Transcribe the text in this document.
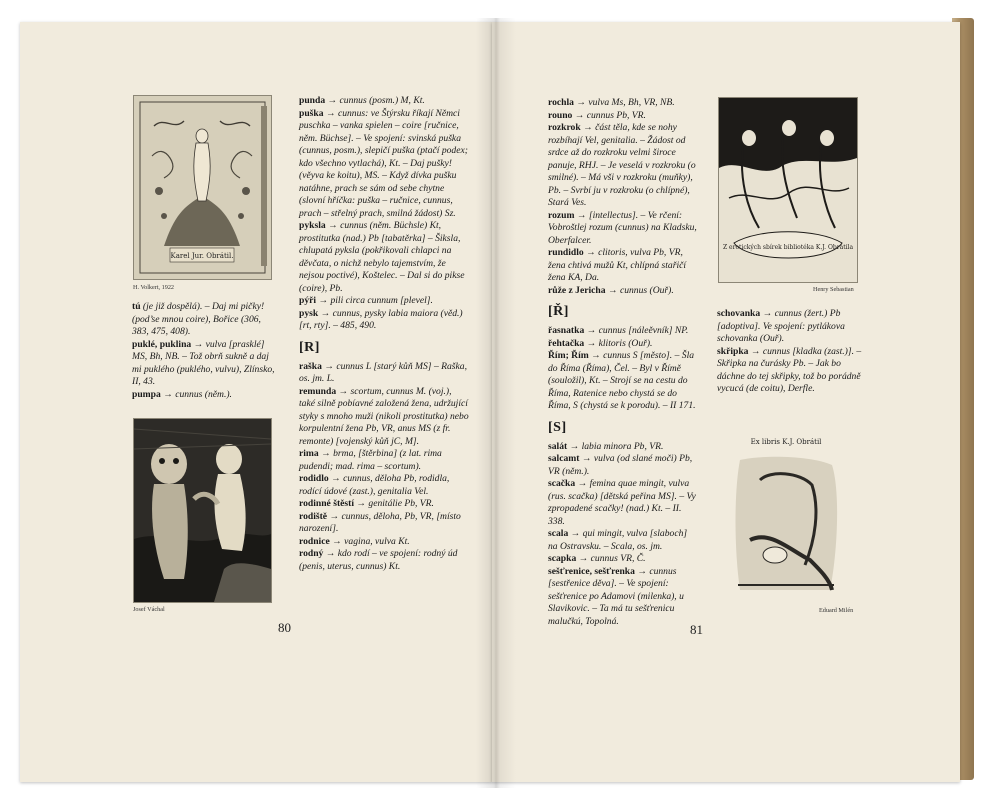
Karel Jur. Obrátil.
H. Volkert, 1922

tú (je již dospělá). – Daj mi pičky! (pod’se mnou coire), Bořice (306, 383, 475, 408).

puklé, puklina → vulva [prasklé] MS, Bh, NB. – Tož obrň sukně a daj mi puklého (puklého, vulvu), Zlínsko, II, 43.

pumpa → cunnus (něm.).

Josef Váchal

punda → cunnus (posm.) M, Kt.

puška → cunnus: ve Štýrsku říkají Němci puschka – vanka spielen – coire [ručnice, něm. Büchse]. – Ve spojení: svinská puška (cunnus, posm.), slepičí puška (ptačí podex; kdo všechno vytlachá), Kt. – Daj pušky! (věyva ke koitu), MS. – Když dívka pušku natáhne, prach se sám od sebe chytne (slovní hříčka: puška – ručnice, cunnus, prach – střelný prach, smilná žádost) Sz.

pyksla → cunnus (něm. Büchsle) Kt, prostitutka (nad.) Pb [tabatěrka] – Šiksla, chlupatá pyksla (pokřikovali chlapci na děvčata, o nichž nebylo tajemstvím, že nejsou poctivé), Koštelec. – Dal si do pikse (coire), Pb.

pýři → pili circa cunnum [plevel].

pysk → cunnus, pysky labia maiora (věd.) [rt, rty]. – 485, 490.

[R]

raška → cunnus L [starý kůň MS] – Raška, os. jm. L.

remunda → scortum, cunnus M. (voj.), také silně pobíavné založená žena, udržující styky s mnoho muži (nikoli prostitutka) nebo korpulentní žena Pb, VR, anus MS (z fr. remonte) [vojenský kůň jC, M].

rima → brma, [štěrbina] (z lat. rima pudendi; mad. rima – scortum).

rodidlo → cunnus, děloha Pb, rodidla, rodící údové (zast.), genitalia Vel.

rodinné štěstí → genitálie Pb, VR.

rodiště → cunnus, děloha, Pb, VR, [místo narození].

rodnice → vagina, vulva Kt.

rodný → kdo rodí – ve spojení: rodný úd (penis, uterus, cunnus) Kt.

80

rochla → vulva Ms, Bh, VR, NB.

rouno → cunnus Pb, VR.

rozkrok → část těla, kde se nohy rozbíhají Vel, genitalia. – Žádost od srdce až do rozkroku velmi široce panuje, RHJ. – Je veselá v rozkroku (o smilné). – Má vši v rozkroku (muňky), Pb. – Svrbí ju v rozkroku (o chlípné), Stará Ves.

rozum → [intellectus]. – Ve rčení: Vobroštlej rozum (cunnus) na Kladsku, Oberfalcer.

rundidlo → clitoris, vulva Pb, VR, žena chtivá mužů Kt, chlípná stařičí žena KA, Da.

růže z Jericha → cunnus (Ouř).

[Ř]

řasnatka → cunnus [náleěvník] NP.

řehtačka → klitoris (Ouř).

Řím; Řím → cunnus S [město]. – Šla do Říma (Říma), Čel. – Byl v Římě (souložil), Kt. – Strojí se na cestu do Říma, Ratenice nebo chystá se do Říma, S (chystá se k porodu). – II 171.

[S]

salát → labia minora Pb, VR.

salcamt → vulva (od slané moči) Pb, VR (něm.).

scačka → femina quae mingit, vulva (rus. scačka) [dětská peřina MS]. – Vy zpropadené scačky! (nad.) Kt. – II. 338.

scala → qui mingit, vulva [slaboch] na Ostravsku. – Scala, os. jm.

scapka → cunnus VR, Č.

sešťrenice, sešťrenka → cunnus [sestřenice děva]. – Ve spojení: sešťrenice po Adamovi (milenka), u Slavikovic. – Ta má tu sešťrenicu malučkú, Topolná.

Z erotických sbírek bibliotéka K.J. Obrátila
Henry Sebastian

schovanka → cunnus (žert.) Pb [adoptiva]. Ve spojení: pytlákova schovanka (Ouř).

skřipka → cunnus [kladka (zast.)]. – Skřipka na čurásky Pb. – Jak bo dáchne do tej skřipky, tož bo porádně vycucá (de coitu), Derfle.

Ex libris K.J. Obrátil
Eduard Milén
81
